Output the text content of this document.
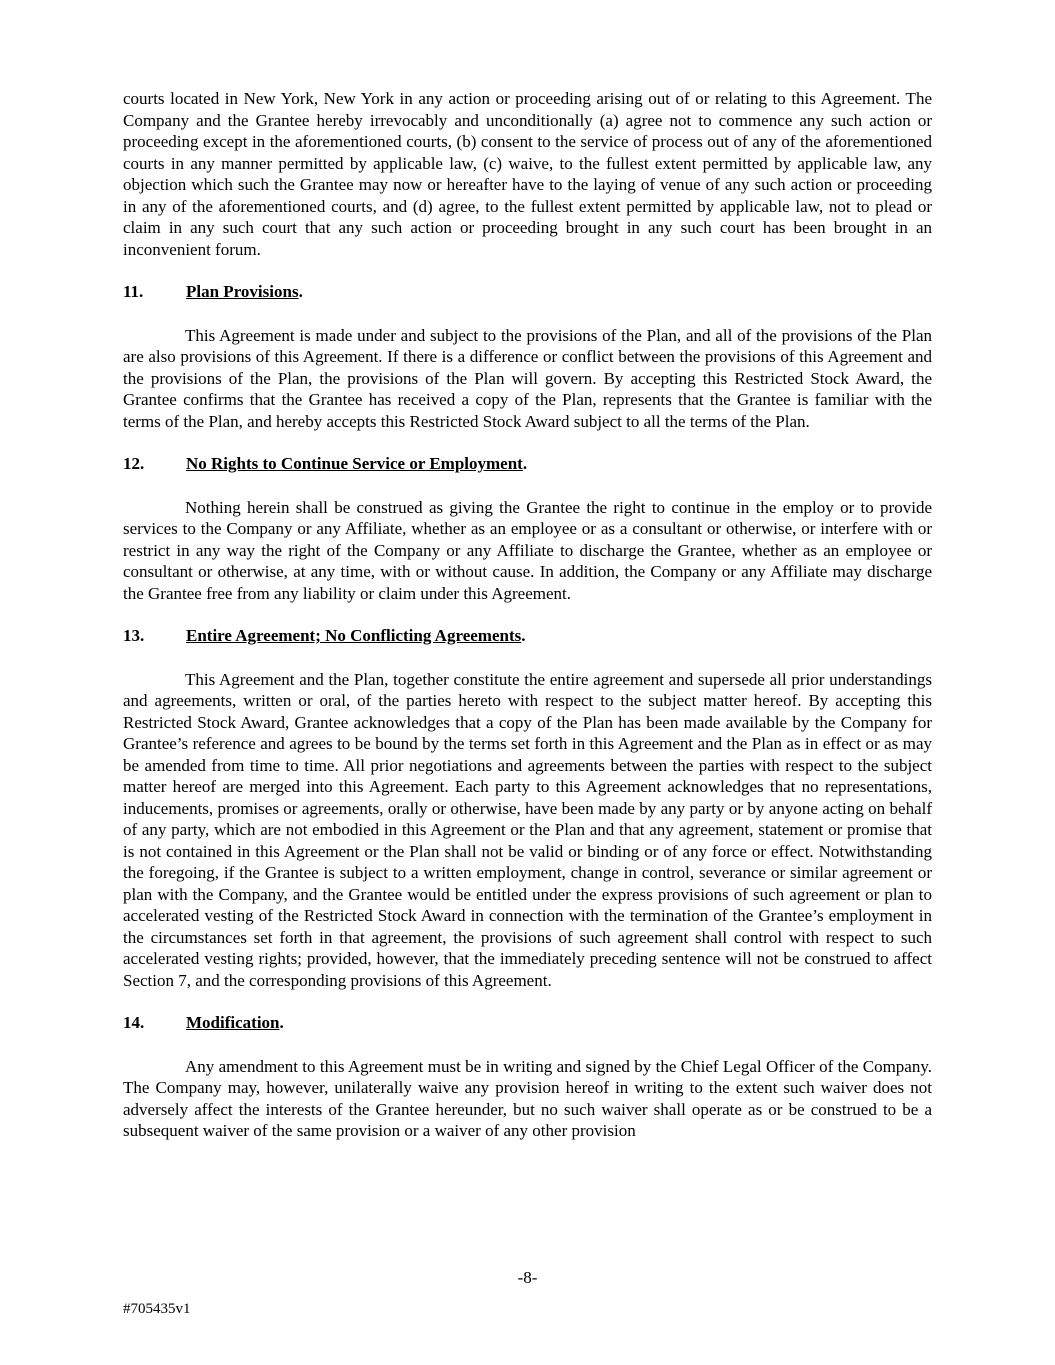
courts located in New York, New York in any action or proceeding arising out of or relating to this Agreement. The Company and the Grantee hereby irrevocably and unconditionally (a) agree not to commence any such action or proceeding except in the aforementioned courts, (b) consent to the service of process out of any of the aforementioned courts in any manner permitted by applicable law, (c) waive, to the fullest extent permitted by applicable law, any objection which such the Grantee may now or hereafter have to the laying of venue of any such action or proceeding in any of the aforementioned courts, and (d) agree, to the fullest extent permitted by applicable law, not to plead or claim in any such court that any such action or proceeding brought in any such court has been brought in an inconvenient forum.

11.	Plan Provisions.

This Agreement is made under and subject to the provisions of the Plan, and all of the provisions of the Plan are also provisions of this Agreement. If there is a difference or conflict between the provisions of this Agreement and the provisions of the Plan, the provisions of the Plan will govern. By accepting this Restricted Stock Award, the Grantee confirms that the Grantee has received a copy of the Plan, represents that the Grantee is familiar with the terms of the Plan, and hereby accepts this Restricted Stock Award subject to all the terms of the Plan.

12. No Rights to Continue Service or Employment.

Nothing herein shall be construed as giving the Grantee the right to continue in the employ or to provide services to the Company or any Affiliate, whether as an employee or as a consultant or otherwise, or interfere with or restrict in any way the right of the Company or any Affiliate to discharge the Grantee, whether as an employee or consultant or otherwise, at any time, with or without cause. In addition, the Company or any Affiliate may discharge the Grantee free from any liability or claim under this Agreement.

13. Entire Agreement; No Conflicting Agreements.

This Agreement and the Plan, together constitute the entire agreement and supersede all prior understandings and agreements, written or oral, of the parties hereto with respect to the subject matter hereof. By accepting this Restricted Stock Award, Grantee acknowledges that a copy of the Plan has been made available by the Company for Grantee’s reference and agrees to be bound by the terms set forth in this Agreement and the Plan as in effect or as may be amended from time to time. All prior negotiations and agreements between the parties with respect to the subject matter hereof are merged into this Agreement. Each party to this Agreement acknowledges that no representations, inducements, promises or agreements, orally or otherwise, have been made by any party or by anyone acting on behalf of any party, which are not embodied in this Agreement or the Plan and that any agreement, statement or promise that is not contained in this Agreement or the Plan shall not be valid or binding or of any force or effect. Notwithstanding the foregoing, if the Grantee is subject to a written employment, change in control, severance or similar agreement or plan with the Company, and the Grantee would be entitled under the express provisions of such agreement or plan to accelerated vesting of the Restricted Stock Award in connection with the termination of the Grantee’s employment in the circumstances set forth in that agreement, the provisions of such agreement shall control with respect to such accelerated vesting rights; provided, however, that the immediately preceding sentence will not be construed to affect Section 7, and the corresponding provisions of this Agreement.

14. Modification.

Any amendment to this Agreement must be in writing and signed by the Chief Legal Officer of the Company. The Company may, however, unilaterally waive any provision hereof in writing to the extent such waiver does not adversely affect the interests of the Grantee hereunder, but no such waiver shall operate as or be construed to be a subsequent waiver of the same provision or a waiver of any other provision

-8-
#705435v1
